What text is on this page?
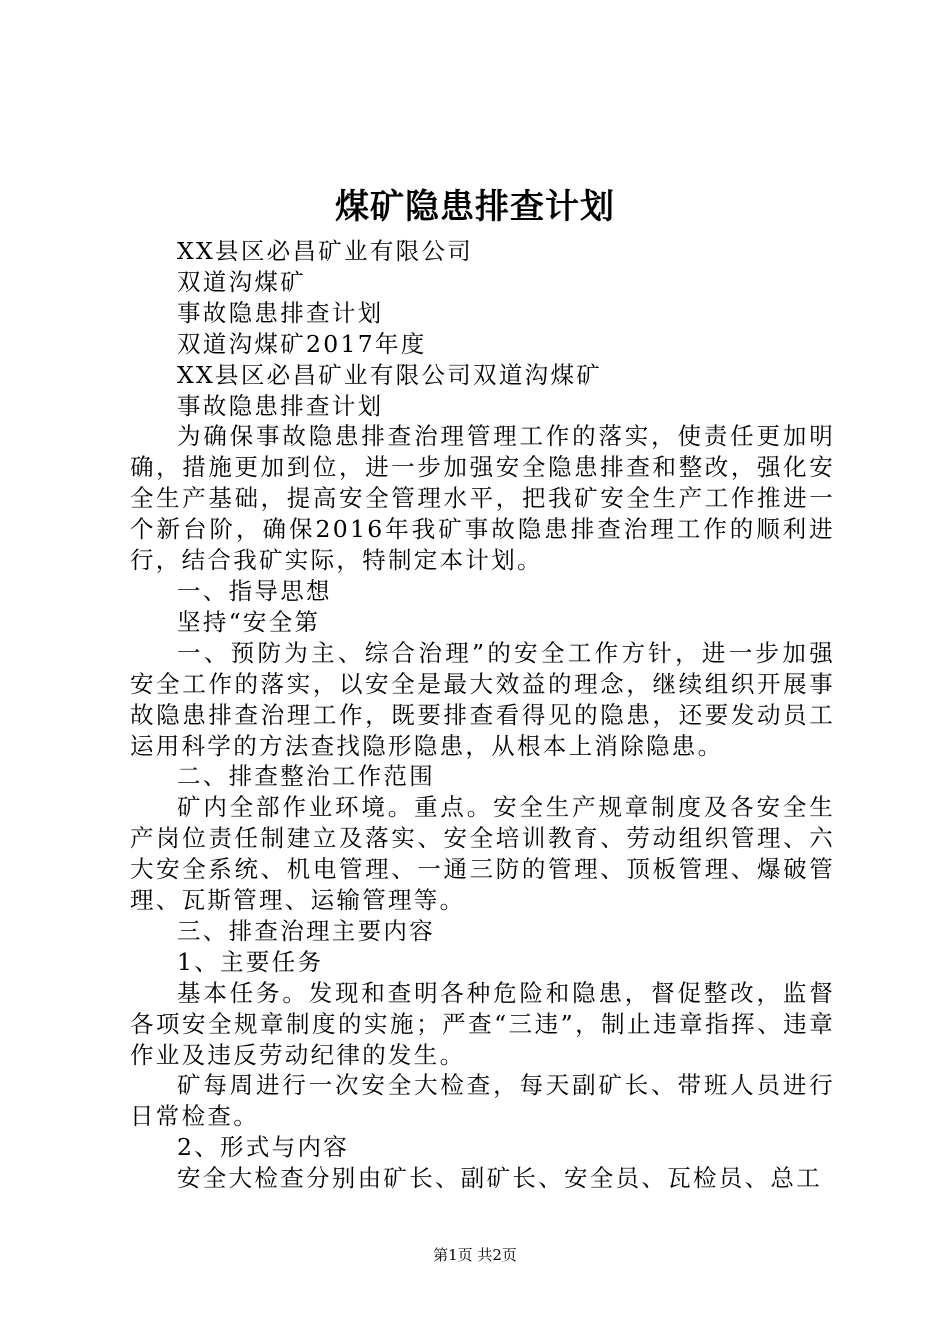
煤矿隐患排查计划

XX县区必昌矿业有限公司

双道沟煤矿

事故隐患排查计划

双道沟煤矿2017年度

XX县区必昌矿业有限公司双道沟煤矿

事故隐患排查计划

为确保事故隐患排查治理管理工作的落实，使责任更加明确，措施更加到位，进一步加强安全隐患排查和整改，强化安全生产基础，提高安全管理水平，把我矿安全生产工作推进一个新台阶，确保2016年我矿事故隐患排查治理工作的顺利进行，结合我矿实际，特制定本计划。

一、指导思想

坚持“安全第

一、预防为主、综合治理”的安全工作方针，进一步加强安全工作的落实，以安全是最大效益的理念，继续组织开展事故隐患排查治理工作，既要排查看得见的隐患，还要发动员工运用科学的方法查找隐形隐患，从根本上消除隐患。

二、排查整治工作范围

矿内全部作业环境。重点。安全生产规章制度及各安全生产岗位责任制建立及落实、安全培训教育、劳动组织管理、六大安全系统、机电管理、一通三防的管理、顶板管理、爆破管理、瓦斯管理、运输管理等。

三、排查治理主要内容

1、主要任务

基本任务。发现和查明各种危险和隐患，督促整改，监督各项安全规章制度的实施；严查“三违”，制止违章指挥、违章作业及违反劳动纪律的发生。

矿每周进行一次安全大检查，每天副矿长、带班人员进行日常检查。

2、形式与内容

安全大检查分别由矿长、副矿长、安全员、瓦检员、总工

第1页 共2页
